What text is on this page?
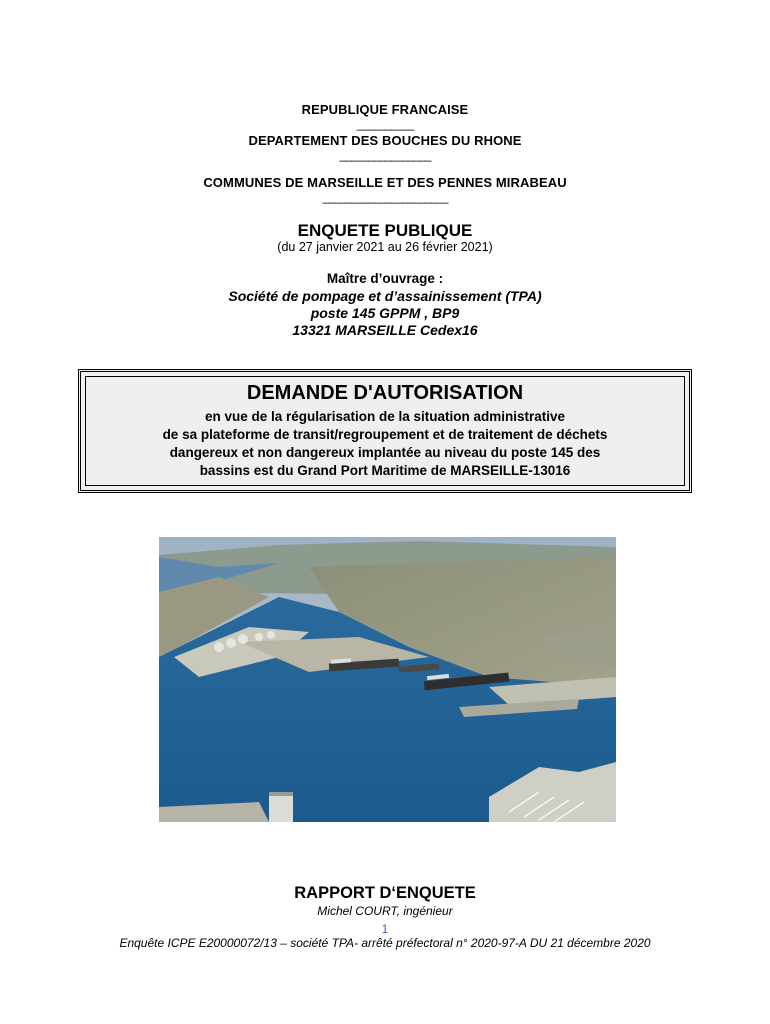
REPUBLIQUE FRANCAISE
__________
DEPARTEMENT DES BOUCHES DU RHONE
________________
COMMUNES DE MARSEILLE ET DES PENNES MIRABEAU
______________________
ENQUETE PUBLIQUE
(du 27 janvier 2021 au 26 février 2021)
Maître d’ouvrage :
Société de pompage et d’assainissement (TPA)
poste 145 GPPM , BP9
13321 MARSEILLE Cedex16
DEMANDE D'AUTORISATION
en vue de la régularisation de la situation administrative
de sa plateforme de transit/regroupement et de traitement de déchets
dangereux et non dangereux implantée au niveau du poste 145 des
bassins est du Grand Port Maritime de MARSEILLE-13016
RAPPORT D‘ENQUETE
Michel COURT, ingénieur
1
Enquête ICPE E20000072/13 – société TPA- arrêté préfectoral n° 2020-97-A DU 21 décembre 2020
